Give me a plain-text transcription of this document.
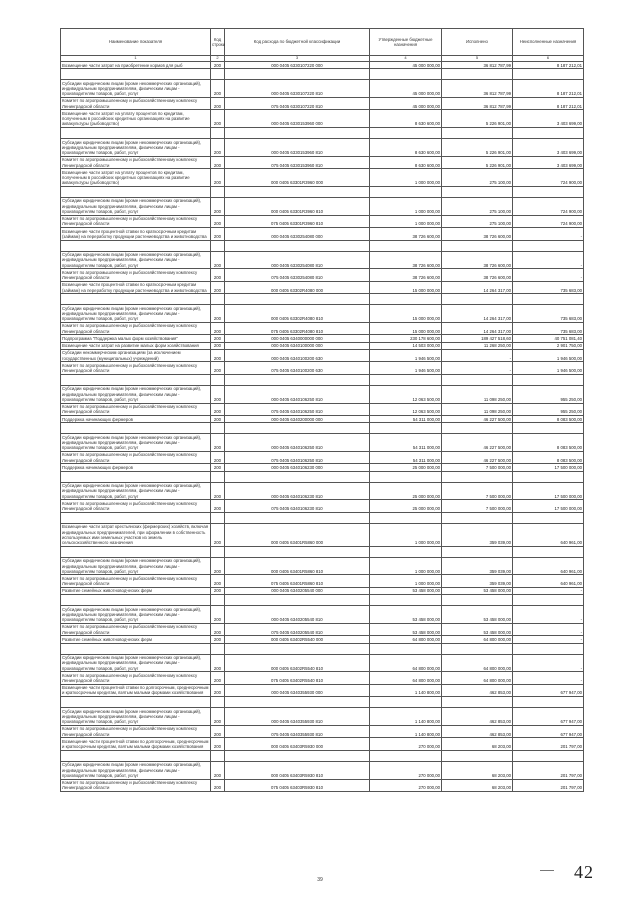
Наименование показателя	Код строки	Код расхода по бюджетной классификации	Утвержденные бюджетные назначения	Исполнено	Неисполненные назначения
1	2	3	4	5	6
Возмещение части затрат на приобретение кормов для рыб	200	000 0405 6330107220 000	45 000 000,00	36 812 787,99	8 187 212,01

Субсидии юридическим лицам (кроме некоммерческих организаций), индивидуальным предпринимателям, физическим лицам - производителям товаров, работ, услуг	200	000 0405 6330107220 810	45 000 000,00	36 812 787,99	8 187 212,01
Комитет по агропромышленному и рыбохозяйственному комплексу Ленинградской области	200	075 0405 6330107220 810	45 000 000,00	36 812 787,99	8 187 212,01
Возмещение части затрат на уплату процентов по кредитам, полученным в российских кредитных организациях на развитие аквакультуры (рыбоводство)	200	000 0405 6330153960 000	8 630 600,00	5 226 901,00	3 403 699,00

Субсидии юридическим лицам (кроме некоммерческих организаций), индивидуальным предпринимателям, физическим лицам - производителям товаров, работ, услуг	200	000 0405 6330153960 810	8 630 600,00	5 226 901,00	3 403 699,00
Комитет по агропромышленному и рыбохозяйственному комплексу Ленинградской области	200	075 0405 6330153960 810	8 630 600,00	5 226 901,00	3 403 699,00
Возмещение части затрат на уплату процентов по кредитам, полученным в российских кредитных организациях на развитие аквакультуры (рыбоводство)	200	000 0405 63301R3960 000	1 000 000,00	275 100,00	724 900,00

Субсидии юридическим лицам (кроме некоммерческих организаций), индивидуальным предпринимателям, физическим лицам - производителям товаров, работ, услуг	200	000 0405 63301R3960 810	1 000 000,00	275 100,00	724 900,00
Комитет по агропромышленному и рыбохозяйственному комплексу Ленинградской области	200	075 0405 63301R3960 810	1 000 000,00	275 100,00	724 900,00
Возмещение части процентной ставки по краткосрочным кредитам (займам) на переработку продукции растениеводства и животноводства	200	000 0405 6330254080 000	38 726 600,00	38 726 600,00	-

Субсидии юридическим лицам (кроме некоммерческих организаций), индивидуальным предпринимателям, физическим лицам - производителям товаров, работ, услуг	200	000 0405 6330254080 810	38 726 600,00	38 726 600,00	-
Комитет по агропромышленному и рыбохозяйственному комплексу Ленинградской области	200	075 0405 6330254080 810	38 726 600,00	38 726 600,00	-
Возмещение части процентной ставки по краткосрочным кредитам (займам) на переработку продукции растениеводства и животноводства	200	000 0405 63302R4080 000	15 000 000,00	14 264 317,00	735 683,00

Субсидии юридическим лицам (кроме некоммерческих организаций), индивидуальным предпринимателям, физическим лицам - производителям товаров, работ, услуг	200	000 0405 63302R4080 810	15 000 000,00	14 264 317,00	735 683,00
Комитет по агропромышленному и рыбохозяйственному комплексу Ленинградской области	200	075 0405 63302R4080 810	15 000 000,00	14 264 317,00	735 683,00
Подпрограмма "Поддержка малых форм хозяйствования"	200	000 0405 6340000000 000	230 178 600,00	189 427 518,60	40 751 081,40
Возмещение части затрат на развитие малых форм хозяйствования	200	000 0405 6340100000 000	14 503 000,00	11 268 250,00	2 901 750,00
Субсидии некоммерческим организациям (за исключением государственных (муниципальных) учреждений)	200	000 0405 6340100200 630	1 946 500,00	-	1 946 500,00
Комитет по агропромышленному и рыбохозяйственному комплексу Ленинградской области	200	075 0405 6340100200 630	1 946 500,00	-	1 946 500,00

Субсидии юридическим лицам (кроме некоммерческих организаций), индивидуальным предпринимателям, физическим лицам - производителям товаров, работ, услуг	200	000 0405 6340106250 810	12 063 500,00	11 098 250,00	955 250,00
Комитет по агропромышленному и рыбохозяйственному комплексу Ленинградской области	200	075 0405 6340106250 810	12 063 500,00	11 098 250,00	955 250,00
Поддержка начинающих фермеров	200	000 0405 6340200000 000	54 311 000,00	46 227 500,00	8 083 500,00

Субсидии юридическим лицам (кроме некоммерческих организаций), индивидуальным предпринимателям, физическим лицам - производителям товаров, работ, услуг	200	000 0405 6340106250 810	54 311 000,00	46 227 500,00	8 083 500,00
Комитет по агропромышленному и рыбохозяйственному комплексу Ленинградской области	200	075 0405 6340106250 810	54 311 000,00	46 227 500,00	8 083 500,00
Поддержка начинающих фермеров	200	000 0405 6340106230 000	25 000 000,00	7 500 000,00	17 500 000,00

Субсидии юридическим лицам (кроме некоммерческих организаций), индивидуальным предпринимателям, физическим лицам - производителям товаров, работ, услуг	200	000 0405 6340106230 810	25 000 000,00	7 500 000,00	17 500 000,00
Комитет по агропромышленному и рыбохозяйственному комплексу Ленинградской области	200	075 0405 6340106230 810	25 000 000,00	7 500 000,00	17 500 000,00

Возмещение части затрат крестьянских (фермерских) хозяйств, включая индивидуальных предпринимателей, при оформлении в собственность используемых ими земельных участков из земель сельскохозяйственного назначения	200	000 0405 63401R5860 000	1 000 000,00	359 039,00	640 961,00

Субсидии юридическим лицам (кроме некоммерческих организаций), индивидуальным предпринимателям, физическим лицам - производителям товаров, работ, услуг	200	000 0405 63401R5860 810	1 000 000,00	359 039,00	640 961,00
Комитет по агропромышленному и рыбохозяйственному комплексу Ленинградской области	200	075 0405 63401R5860 810	1 000 000,00	359 039,00	640 961,00
Развитие семейных животноводческих ферм	200	000 0405 6340205540 000	53 458 000,00	53 458 000,00	-

Субсидии юридическим лицам (кроме некоммерческих организаций), индивидуальным предпринимателям, физическим лицам - производителям товаров, работ, услуг	200	000 0405 6340205540 810	53 458 000,00	53 458 000,00	-
Комитет по агропромышленному и рыбохозяйственному комплексу Ленинградской области	200	075 0405 6340205540 810	53 458 000,00	53 458 000,00	-
Развитие семейных животноводческих ферм	200	000 0405 63402R5540 000	64 800 000,00	64 800 000,00	-

Субсидии юридическим лицам (кроме некоммерческих организаций), индивидуальным предпринимателям, физическим лицам - производителям товаров, работ, услуг	200	000 0405 63402R5540 810	64 800 000,00	64 800 000,00	-
Комитет по агропромышленному и рыбохозяйственному комплексу Ленинградской области	200	075 0405 63402R5540 810	64 800 000,00	64 800 000,00	-
Возмещение части процентной ставки по долгосрочным, среднесрочным и краткосрочным кредитам, взятым малыми формами хозяйствования	200	000 0405 6340355930 000	1 140 800,00	462 853,00	677 947,00

Субсидии юридическим лицам (кроме некоммерческих организаций), индивидуальным предпринимателям, физическим лицам - производителям товаров, работ, услуг	200	000 0405 6340355930 810	1 140 800,00	462 853,00	677 947,00
Комитет по агропромышленному и рыбохозяйственному комплексу Ленинградской области	200	075 0405 6340355930 810	1 140 800,00	462 853,00	677 947,00
Возмещение части процентной ставки по долгосрочным, среднесрочным и краткосрочным кредитам, взятым малыми формами хозяйствования	200	000 0405 63403R5930 000	270 000,00	68 203,00	201 797,00

Субсидии юридическим лицам (кроме некоммерческих организаций), индивидуальным предпринимателям, физическим лицам - производителям товаров, работ, услуг	200	000 0405 63403R5930 810	270 000,00	68 203,00	201 797,00
Комитет по агропромышленному и рыбохозяйственному комплексу Ленинградской области	200	075 0405 63403R5930 810	270 000,00	68 203,00	201 797,00
39	42
